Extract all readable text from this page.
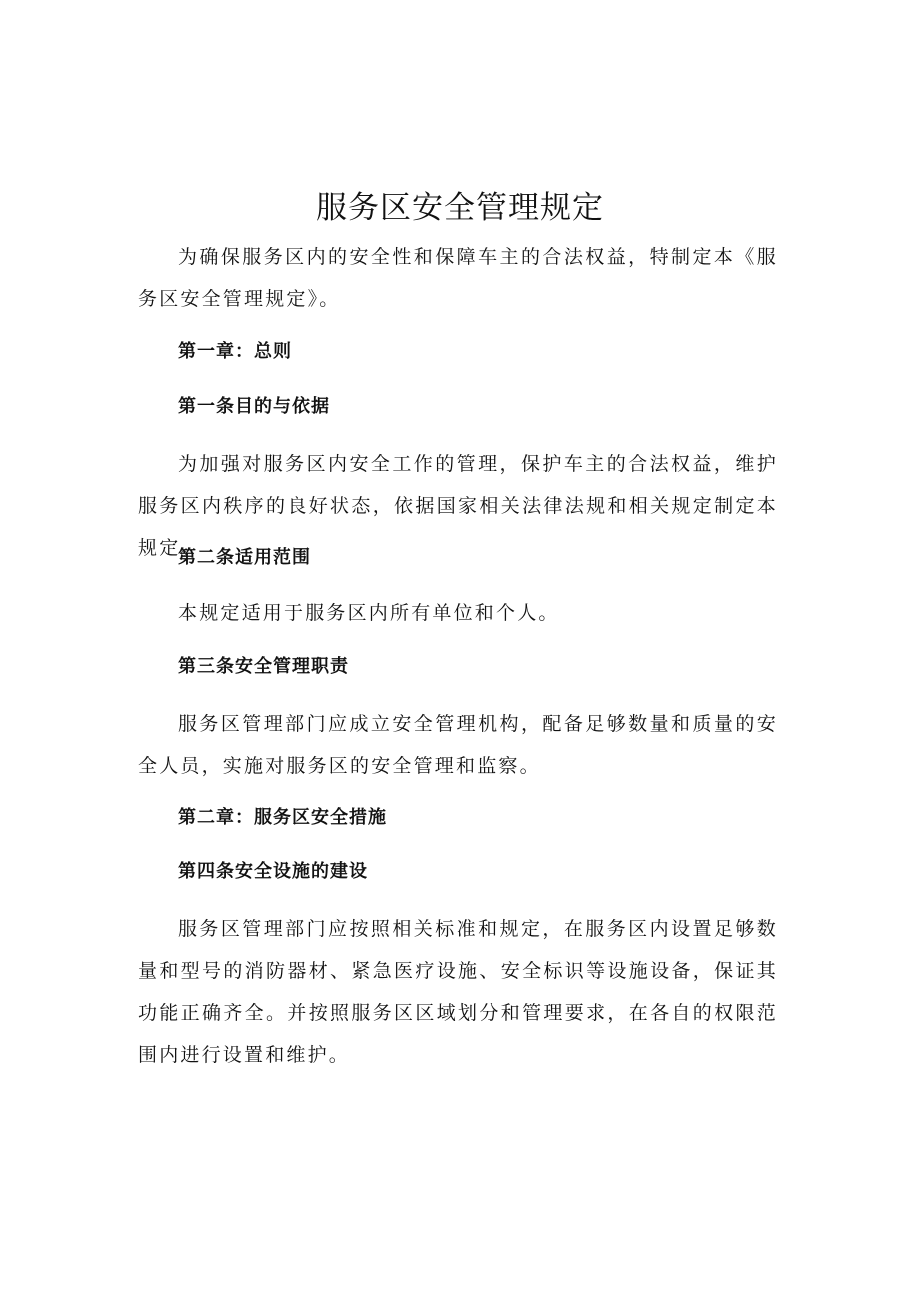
服务区安全管理规定

为确保服务区内的安全性和保障车主的合法权益，特制定本《服务区安全管理规定》。

第一章：总则
第一条目的与依据

为加强对服务区内安全工作的管理，保护车主的合法权益，维护服务区内秩序的良好状态，依据国家相关法律法规和相关规定制定本规定。

第二条适用范围

本规定适用于服务区内所有单位和个人。

第三条安全管理职责

服务区管理部门应成立安全管理机构，配备足够数量和质量的安全人员，实施对服务区的安全管理和监察。

第二章：服务区安全措施
第四条安全设施的建设

服务区管理部门应按照相关标准和规定，在服务区内设置足够数量和型号的消防器材、紧急医疗设施、安全标识等设施设备，保证其功能正确齐全。并按照服务区区域划分和管理要求，在各自的权限范围内进行设置和维护。
